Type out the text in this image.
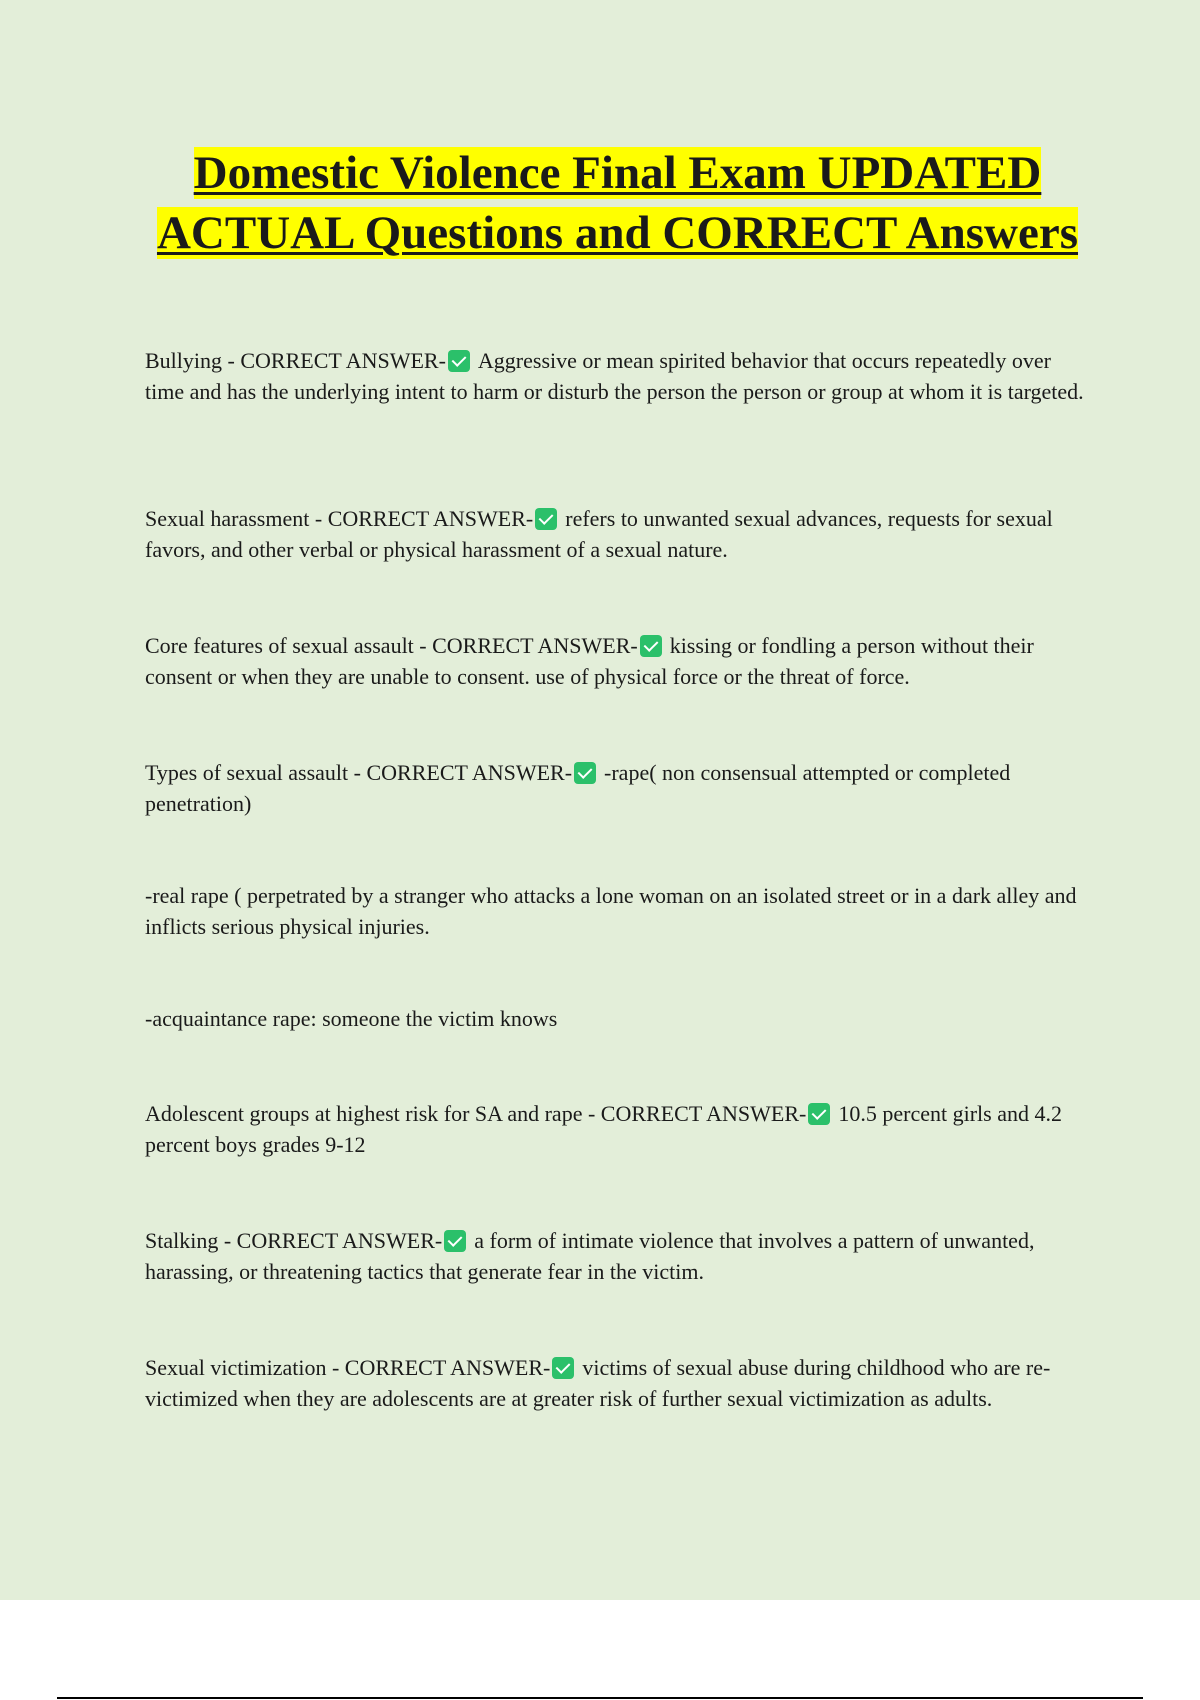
Domestic Violence Final Exam UPDATED ACTUAL Questions and CORRECT Answers

Bullying - CORRECT ANSWER- Aggressive or mean spirited behavior that occurs repeatedly over time and has the underlying intent to harm or disturb the person the person or group at whom it is targeted.

Sexual harassment - CORRECT ANSWER- refers to unwanted sexual advances, requests for sexual favors, and other verbal or physical harassment of a sexual nature.

Core features of sexual assault - CORRECT ANSWER- kissing or fondling a person without their consent or when they are unable to consent. use of physical force or the threat of force.

Types of sexual assault - CORRECT ANSWER- -rape( non consensual attempted or completed penetration)

-real rape ( perpetrated by a stranger who attacks a lone woman on an isolated street or in a dark alley and inflicts serious physical injuries.

-acquaintance rape: someone the victim knows

Adolescent groups at highest risk for SA and rape - CORRECT ANSWER- 10.5 percent girls and 4.2 percent boys grades 9-12

Stalking - CORRECT ANSWER- a form of intimate violence that involves a pattern of unwanted, harassing, or threatening tactics that generate fear in the victim.

Sexual victimization - CORRECT ANSWER- victims of sexual abuse during childhood who are re-victimized when they are adolescents are at greater risk of further sexual victimization as adults.
